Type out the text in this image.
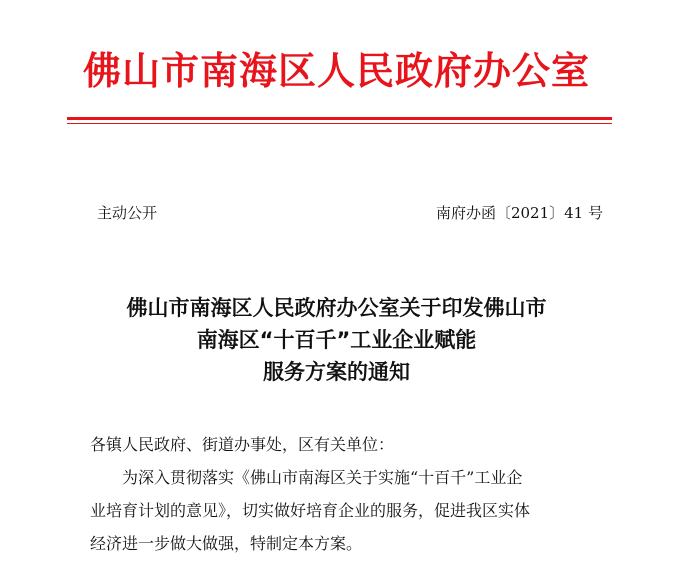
佛山市南海区人民政府办公室
主动公开	南府办函〔2021〕41 号
佛山市南海区人民政府办公室关于印发佛山市
南海区“十百千”工业企业赋能
服务方案的通知
各镇人民政府、街道办事处，区有关单位：
为深入贯彻落实《佛山市南海区关于实施“十百千”工业企
业培育计划的意见》，切实做好培育企业的服务，促进我区实体
经济进一步做大做强，特制定本方案。
